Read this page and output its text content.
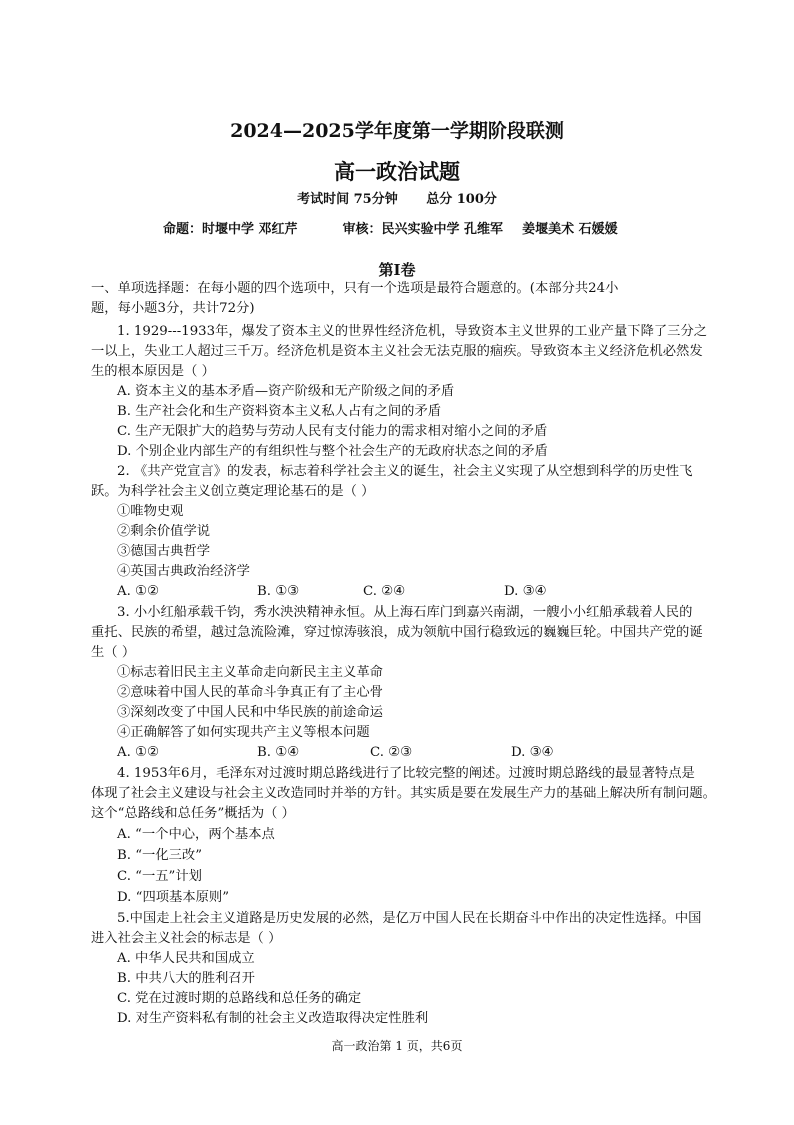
2024—2025学年度第一学期阶段联测
高一政治试题
考试时间 75分钟 总分 100分
命题：时堰中学 邓红芹	审核：民兴实验中学 孔维军 姜堰美术 石媛媛
第Ⅰ卷
一、单项选择题：在每小题的四个选项中，只有一个选项是最符合题意的。(本部分共24小
题，每小题3分，共计72分)
1. 1929---1933年，爆发了资本主义的世界性经济危机，导致资本主义世界的工业产量下降了三分之
一以上，失业工人超过三千万。经济危机是资本主义社会无法克服的痼疾。导致资本主义经济危机必然发
生的根本原因是（ ）
A. 资本主义的基本矛盾—资产阶级和无产阶级之间的矛盾
B. 生产社会化和生产资料资本主义私人占有之间的矛盾
C. 生产无限扩大的趋势与劳动人民有支付能力的需求相对缩小之间的矛盾
D. 个别企业内部生产的有组织性与整个社会生产的无政府状态之间的矛盾
2. 《共产党宣言》的发表，标志着科学社会主义的诞生，社会主义实现了从空想到科学的历史性飞
跃。为科学社会主义创立奠定理论基石的是（ ）
①唯物史观
②剩余价值学说
③德国古典哲学
④英国古典政治经济学
A. ①②	B. ①③	C. ②④	D. ③④
3. 小小红船承载千钧，秀水泱泱精神永恒。从上海石库门到嘉兴南湖，一艘小小红船承载着人民的
重托、民族的希望，越过急流险滩，穿过惊涛骇浪，成为领航中国行稳致远的巍巍巨轮。中国共产党的诞
生（ ）
①标志着旧民主主义革命走向新民主主义革命
②意味着中国人民的革命斗争真正有了主心骨
③深刻改变了中国人民和中华民族的前途命运
④正确解答了如何实现共产主义等根本问题
A. ①②	B. ①④	C. ②③	D. ③④
4. 1953年6月，毛泽东对过渡时期总路线进行了比较完整的阐述。过渡时期总路线的最显著特点是
体现了社会主义建设与社会主义改造同时并举的方针。其实质是要在发展生产力的基础上解决所有制问题。
这个“总路线和总任务”概括为（ ）
A. “一个中心，两个基本点
B. “一化三改”
C. “一五”计划
D. “四项基本原则”
5.中国走上社会主义道路是历史发展的必然，是亿万中国人民在长期奋斗中作出的决定性选择。中国
进入社会主义社会的标志是（ ）
A. 中华人民共和国成立
B. 中共八大的胜利召开
C. 党在过渡时期的总路线和总任务的确定
D. 对生产资料私有制的社会主义改造取得决定性胜利
高一政治第 1 页，共6页
